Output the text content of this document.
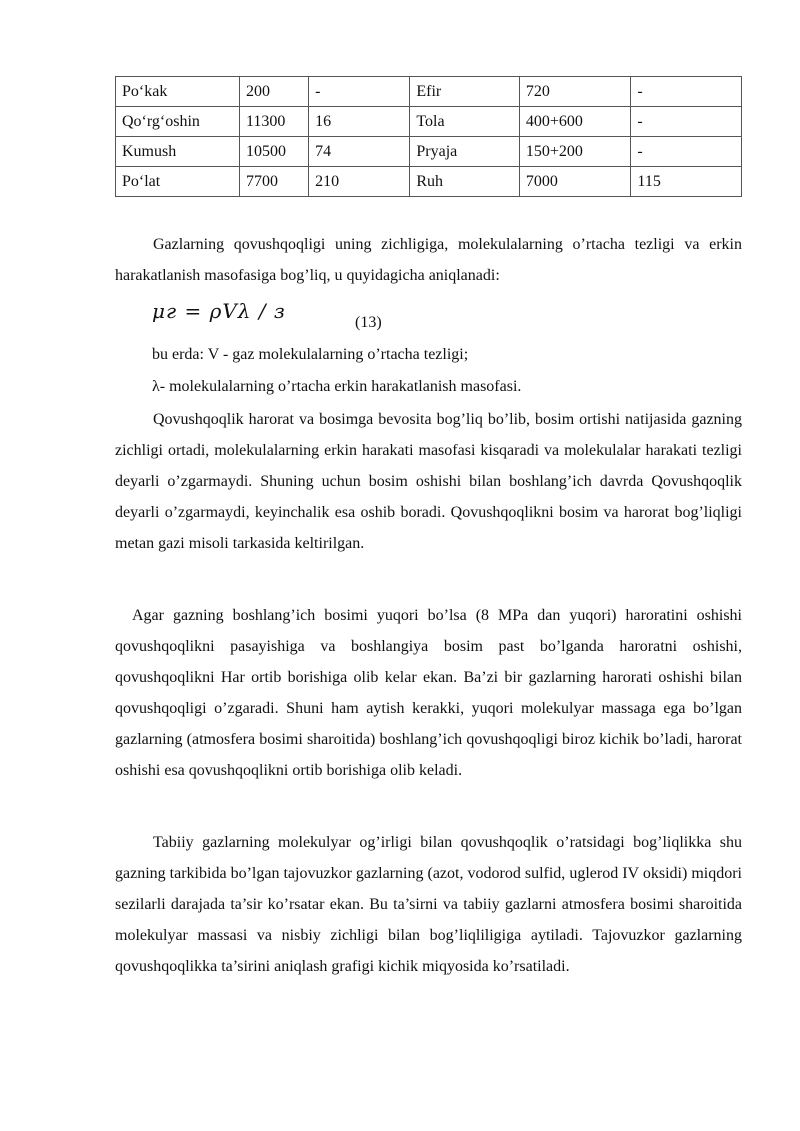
Po‘kak	200	-	Efir	720	-
Qo‘rg‘oshin	11300	16	Tola	400+600	-
Kumush	10500	74	Pryaja	150+200	-
Po‘lat	7700	210	Ruh	7000	115

Gazlarning qovushqoqligi uning zichligiga, molekulalarning o’rtacha tezligi va erkin harakatlanish masofasiga bog’liq, u quyidagicha aniqlanadi:

μг = ρVλ / з	(13)
bu erda: V - gaz molekulalarning o’rtacha tezligi;
λ- molekulalarning o’rtacha erkin harakatlanish masofasi.

Qovushqoqlik harorat va bosimga bevosita bog’liq bo’lib, bosim ortishi natijasida gazning zichligi ortadi, molekulalarning erkin harakati masofasi kisqaradi va molekulalar harakati tezligi deyarli o’zgarmaydi. Shuning uchun bosim oshishi bilan boshlang’ich davrda Qovushqoqlik deyarli o’zgarmaydi, keyinchalik esa oshib boradi. Qovushqoqlikni bosim va harorat bog’liqligi metan gazi misoli tarkasida keltirilgan.

Agar gazning boshlang’ich bosimi yuqori bo’lsa (8 MPa dan yuqori) haroratini oshishi qovushqoqlikni pasayishiga va boshlangiya bosim past bo’lganda haroratni oshishi, qovushqoqlikni Har ortib borishiga olib kelar ekan. Ba’zi bir gazlarning harorati oshishi bilan qovushqoqligi o’zgaradi. Shuni ham aytish kerakki, yuqori molekulyar massaga ega bo’lgan gazlarning (atmosfera bosimi sharoitida) boshlang’ich qovushqoqligi biroz kichik bo’ladi, harorat oshishi esa qovushqoqlikni ortib borishiga olib keladi.

Tabiiy gazlarning molekulyar og’irligi bilan qovushqoqlik o’ratsidagi bog’liqlikka shu gazning tarkibida bo’lgan tajovuzkor gazlarning (azot, vodorod sulfid, uglerod IV oksidi) miqdori sezilarli darajada ta’sir ko’rsatar ekan. Bu ta’sirni va tabiiy gazlarni atmosfera bosimi sharoitida molekulyar massasi va nisbiy zichligi bilan bog’liqliligiga aytiladi. Tajovuzkor gazlarning qovushqoqlikka ta’sirini aniqlash grafigi kichik miqyosida ko’rsatiladi.
